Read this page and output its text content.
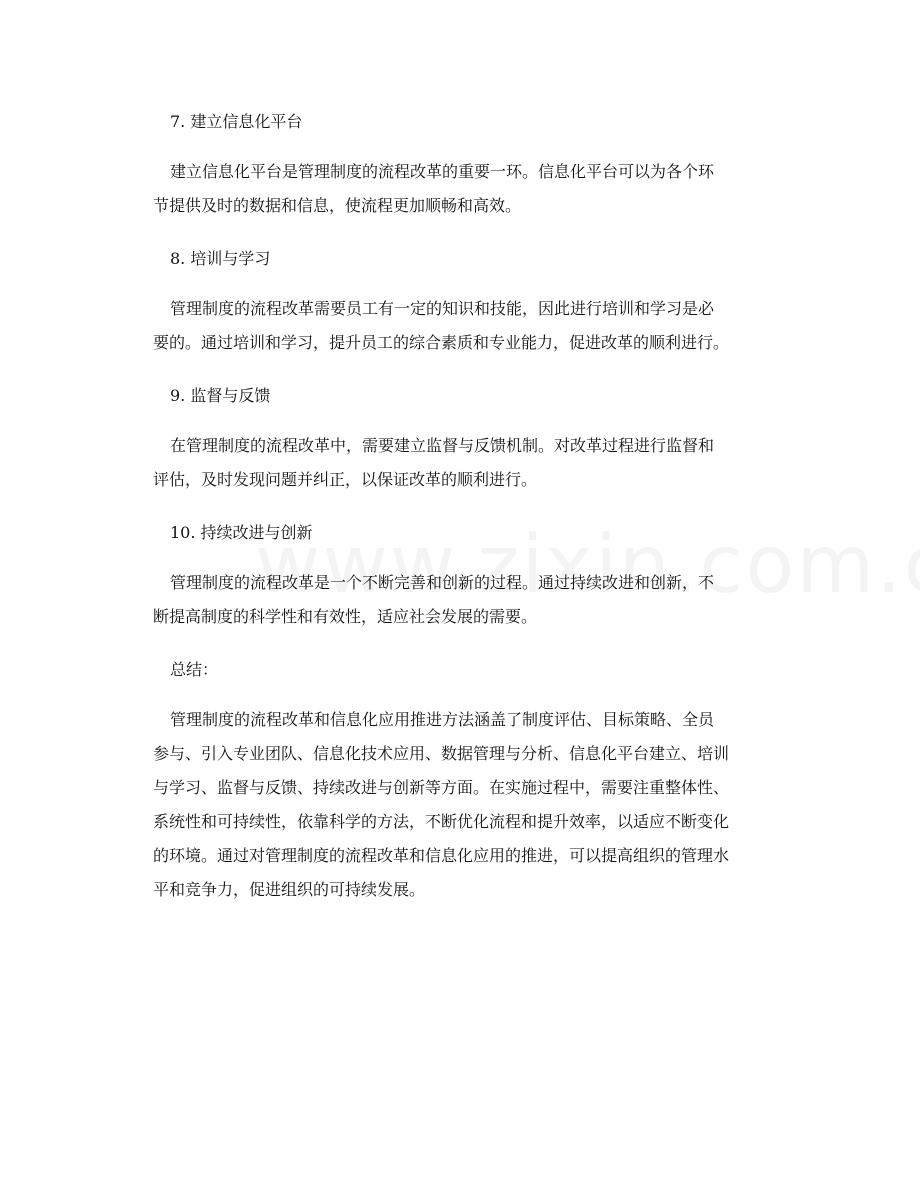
7. 建立信息化平台
建立信息化平台是管理制度的流程改革的重要一环。信息化平台可以为各个环
节提供及时的数据和信息，使流程更加顺畅和高效。
8. 培训与学习
管理制度的流程改革需要员工有一定的知识和技能，因此进行培训和学习是必
要的。通过培训和学习，提升员工的综合素质和专业能力，促进改革的顺利进行。
9. 监督与反馈
在管理制度的流程改革中，需要建立监督与反馈机制。对改革过程进行监督和
评估，及时发现问题并纠正，以保证改革的顺利进行。
10. 持续改进与创新
管理制度的流程改革是一个不断完善和创新的过程。通过持续改进和创新，不
断提高制度的科学性和有效性，适应社会发展的需要。
总结：
管理制度的流程改革和信息化应用推进方法涵盖了制度评估、目标策略、全员
参与、引入专业团队、信息化技术应用、数据管理与分析、信息化平台建立、培训
与学习、监督与反馈、持续改进与创新等方面。在实施过程中，需要注重整体性、
系统性和可持续性，依靠科学的方法，不断优化流程和提升效率，以适应不断变化
的环境。通过对管理制度的流程改革和信息化应用的推进，可以提高组织的管理水
平和竞争力，促进组织的可持续发展。
